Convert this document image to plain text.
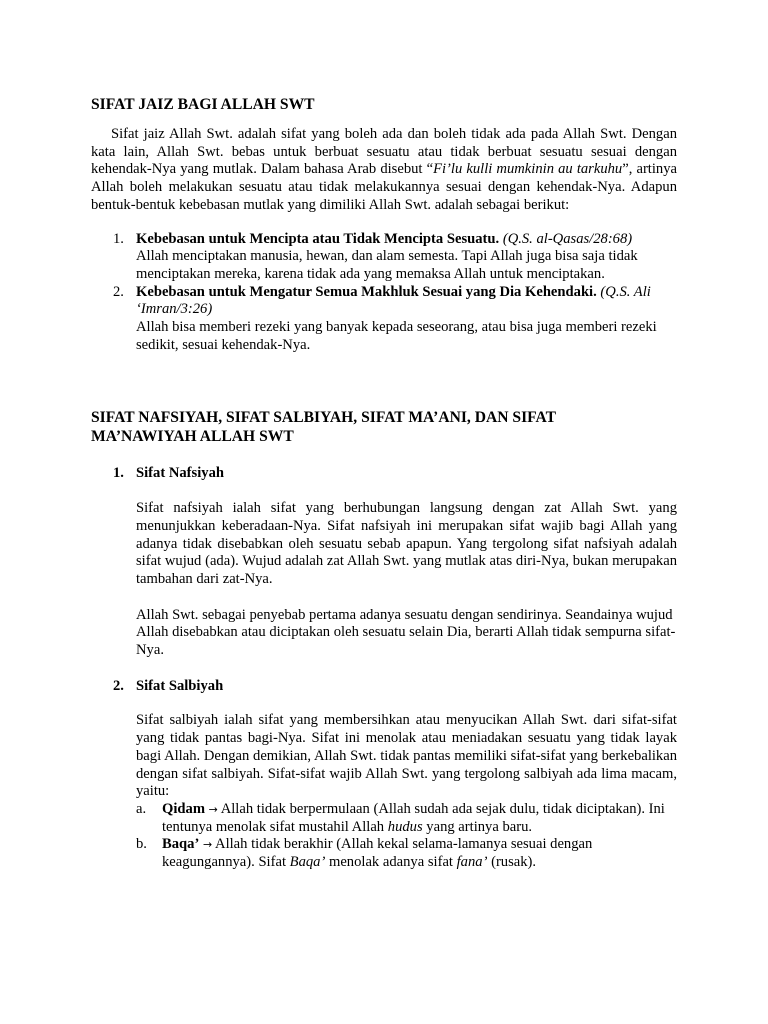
SIFAT JAIZ BAGI ALLAH SWT

Sifat jaiz Allah Swt. adalah sifat yang boleh ada dan boleh tidak ada pada Allah Swt. Dengan kata lain, Allah Swt. bebas untuk berbuat sesuatu atau tidak berbuat sesuatu sesuai dengan kehendak-Nya yang mutlak. Dalam bahasa Arab disebut “Fi’lu kulli mumkinin au tarkuhu”, artinya Allah boleh melakukan sesuatu atau tidak melakukannya sesuai dengan kehendak-Nya. Adapun bentuk-bentuk kebebasan mutlak yang dimiliki Allah Swt. adalah sebagai berikut:

1. Kebebasan untuk Mencipta atau Tidak Mencipta Sesuatu. (Q.S. al-Qasas/28:68)
Allah menciptakan manusia, hewan, dan alam semesta. Tapi Allah juga bisa saja tidak menciptakan mereka, karena tidak ada yang memaksa Allah untuk menciptakan.
2. Kebebasan untuk Mengatur Semua Makhluk Sesuai yang Dia Kehendaki. (Q.S. Ali ‘Imran/3:26)
Allah bisa memberi rezeki yang banyak kepada seseorang, atau bisa juga memberi rezeki sedikit, sesuai kehendak-Nya.
SIFAT NAFSIYAH, SIFAT SALBIYAH, SIFAT MA’ANI, DAN SIFAT
MA’NAWIYAH ALLAH SWT
1. Sifat Nafsiyah

Sifat nafsiyah ialah sifat yang berhubungan langsung dengan zat Allah Swt. yang menunjukkan keberadaan-Nya. Sifat nafsiyah ini merupakan sifat wajib bagi Allah yang adanya tidak disebabkan oleh sesuatu sebab apapun. Yang tergolong sifat nafsiyah adalah sifat wujud (ada). Wujud adalah zat Allah Swt. yang mutlak atas diri-Nya, bukan merupakan tambahan dari zat-Nya.

Allah Swt. sebagai penyebab pertama adanya sesuatu dengan sendirinya. Seandainya wujud Allah disebabkan atau diciptakan oleh sesuatu selain Dia, berarti Allah tidak sempurna sifat-Nya.

2. Sifat Salbiyah

Sifat salbiyah ialah sifat yang membersihkan atau menyucikan Allah Swt. dari sifat-sifat yang tidak pantas bagi-Nya. Sifat ini menolak atau meniadakan sesuatu yang tidak layak bagi Allah. Dengan demikian, Allah Swt. tidak pantas memiliki sifat-sifat yang berkebalikan dengan sifat salbiyah. Sifat-sifat wajib Allah Swt. yang tergolong salbiyah ada lima macam, yaitu:

a. Qidam → Allah tidak berpermulaan (Allah sudah ada sejak dulu, tidak diciptakan). Ini tentunya menolak sifat mustahil Allah hudus yang artinya baru.
b. Baqa’ → Allah tidak berakhir (Allah kekal selama-lamanya sesuai dengan keagungannya). Sifat Baqa’ menolak adanya sifat fana’ (rusak).
